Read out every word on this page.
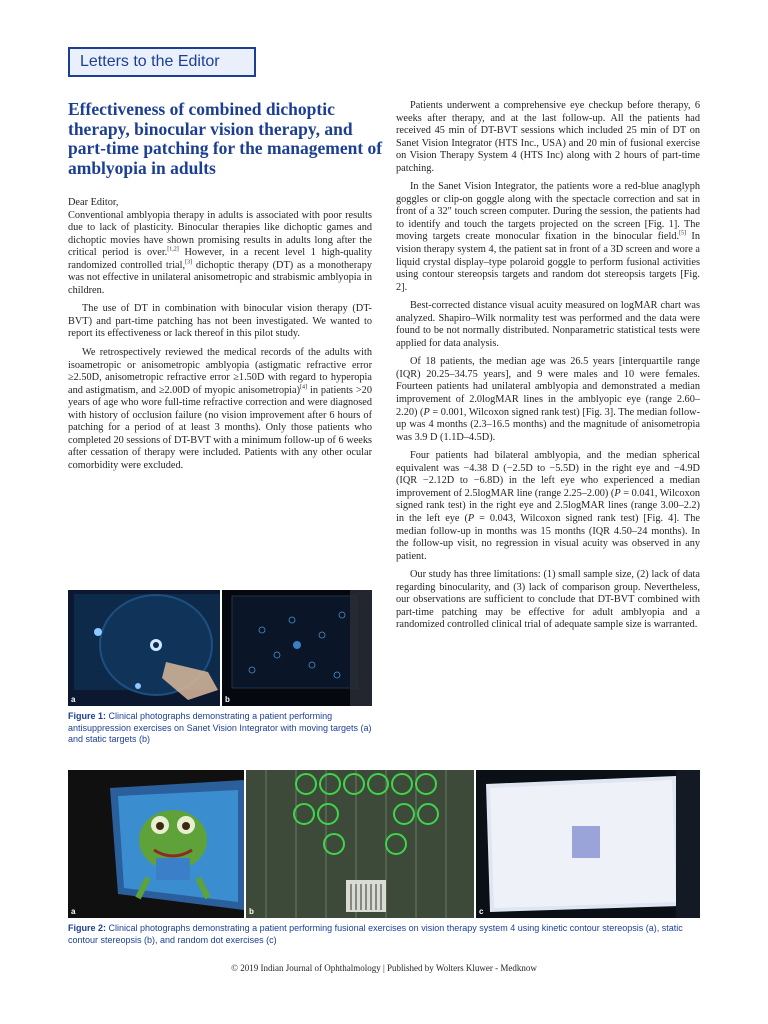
Letters to the Editor
Effectiveness of combined dichoptic therapy, binocular vision therapy, and part-time patching for the management of amblyopia in adults

Dear Editor,

Conventional amblyopia therapy in adults is associated with poor results due to lack of plasticity. Binocular therapies like dichoptic games and dichoptic movies have shown promising results in adults long after the critical period is over.[1,2] However, in a recent level 1 high-quality randomized controlled trial,[3] dichoptic therapy (DT) as a monotherapy was not effective in unilateral anisometropic and strabismic amblyopia in children.

The use of DT in combination with binocular vision therapy (DT-BVT) and part-time patching has not been investigated. We wanted to report its effectiveness or lack thereof in this pilot study.

We retrospectively reviewed the medical records of the adults with isoametropic or anisometropic amblyopia (astigmatic refractive error ≥2.50D, anisometropic refractive error ≥1.50D with regard to hyperopia and astigmatism, and ≥2.00D of myopic anisometropia)[4] in patients >20 years of age who wore full-time refractive correction and were diagnosed with history of occlusion failure (no vision improvement after 6 hours of patching for a period of at least 3 months). Only those patients who completed 20 sessions of DT-BVT with a minimum follow-up of 6 weeks after cessation of therapy were included. Patients with any other ocular comorbidity were excluded.

Patients underwent a comprehensive eye checkup before therapy, 6 weeks after therapy, and at the last follow-up. All the patients had received 45 min of DT-BVT sessions which included 25 min of DT on Sanet Vision Integrator (HTS Inc., USA) and 20 min of fusional exercise on Vision Therapy System 4 (HTS Inc) along with 2 hours of part-time patching.

In the Sanet Vision Integrator, the patients wore a red-blue anaglyph goggles or clip-on goggle along with the spectacle correction and sat in front of a 32" touch screen computer. During the session, the patients had to identify and touch the targets projected on the screen [Fig. 1]. The moving targets create monocular fixation in the binocular field.[5] In vision therapy system 4, the patient sat in front of a 3D screen and wore a liquid crystal display–type polaroid goggle to perform fusional activities using contour stereopsis targets and random dot stereopsis targets [Fig. 2].

Best-corrected distance visual acuity measured on logMAR chart was analyzed. Shapiro–Wilk normality test was performed and the data were found to be not normally distributed. Nonparametric statistical tests were applied for data analysis.

Of 18 patients, the median age was 26.5 years [interquartile range (IQR) 20.25–34.75 years], and 9 were males and 10 were females. Fourteen patients had unilateral amblyopia and demonstrated a median improvement of 2.0logMAR lines in the amblyopic eye (range 2.60–2.20) (P = 0.001, Wilcoxon signed rank test) [Fig. 3]. The median follow-up was 4 months (2.3–16.5 months) and the magnitude of anisometropia was 3.9 D (1.1D–4.5D).

Four patients had bilateral amblyopia, and the median spherical equivalent was −4.38 D (−2.5D to −5.5D) in the right eye and −4.9D (IQR −2.12D to −6.8D) in the left eye who experienced a median improvement of 2.5logMAR line (range 2.25–2.00) (P = 0.041, Wilcoxon signed rank test) in the right eye and 2.5logMAR lines (range 3.00–2.2) in the left eye (P = 0.043, Wilcoxon signed rank test) [Fig. 4]. The median follow-up in months was 15 months (IQR 4.50–24 months). In the follow-up visit, no regression in visual acuity was observed in any patient.

Our study has three limitations: (1) small sample size, (2) lack of data regarding binocularity, and (3) lack of comparison group. Nevertheless, our observations are sufficient to conclude that DT-BVT combined with part-time patching may be effective for adult amblyopia and a randomized controlled clinical trial of adequate sample size is warranted.

a	b
Figure 1: Clinical photographs demonstrating a patient performing antisuppression exercises on Sanet Vision Integrator with moving targets (a) and static targets (b)
a	b	c
Figure 2: Clinical photographs demonstrating a patient performing fusional exercises on vision therapy system 4 using kinetic contour stereopsis (a), static contour stereopsis (b), and random dot exercises (c)
© 2019 Indian Journal of Ophthalmology | Published by Wolters Kluwer - Medknow
